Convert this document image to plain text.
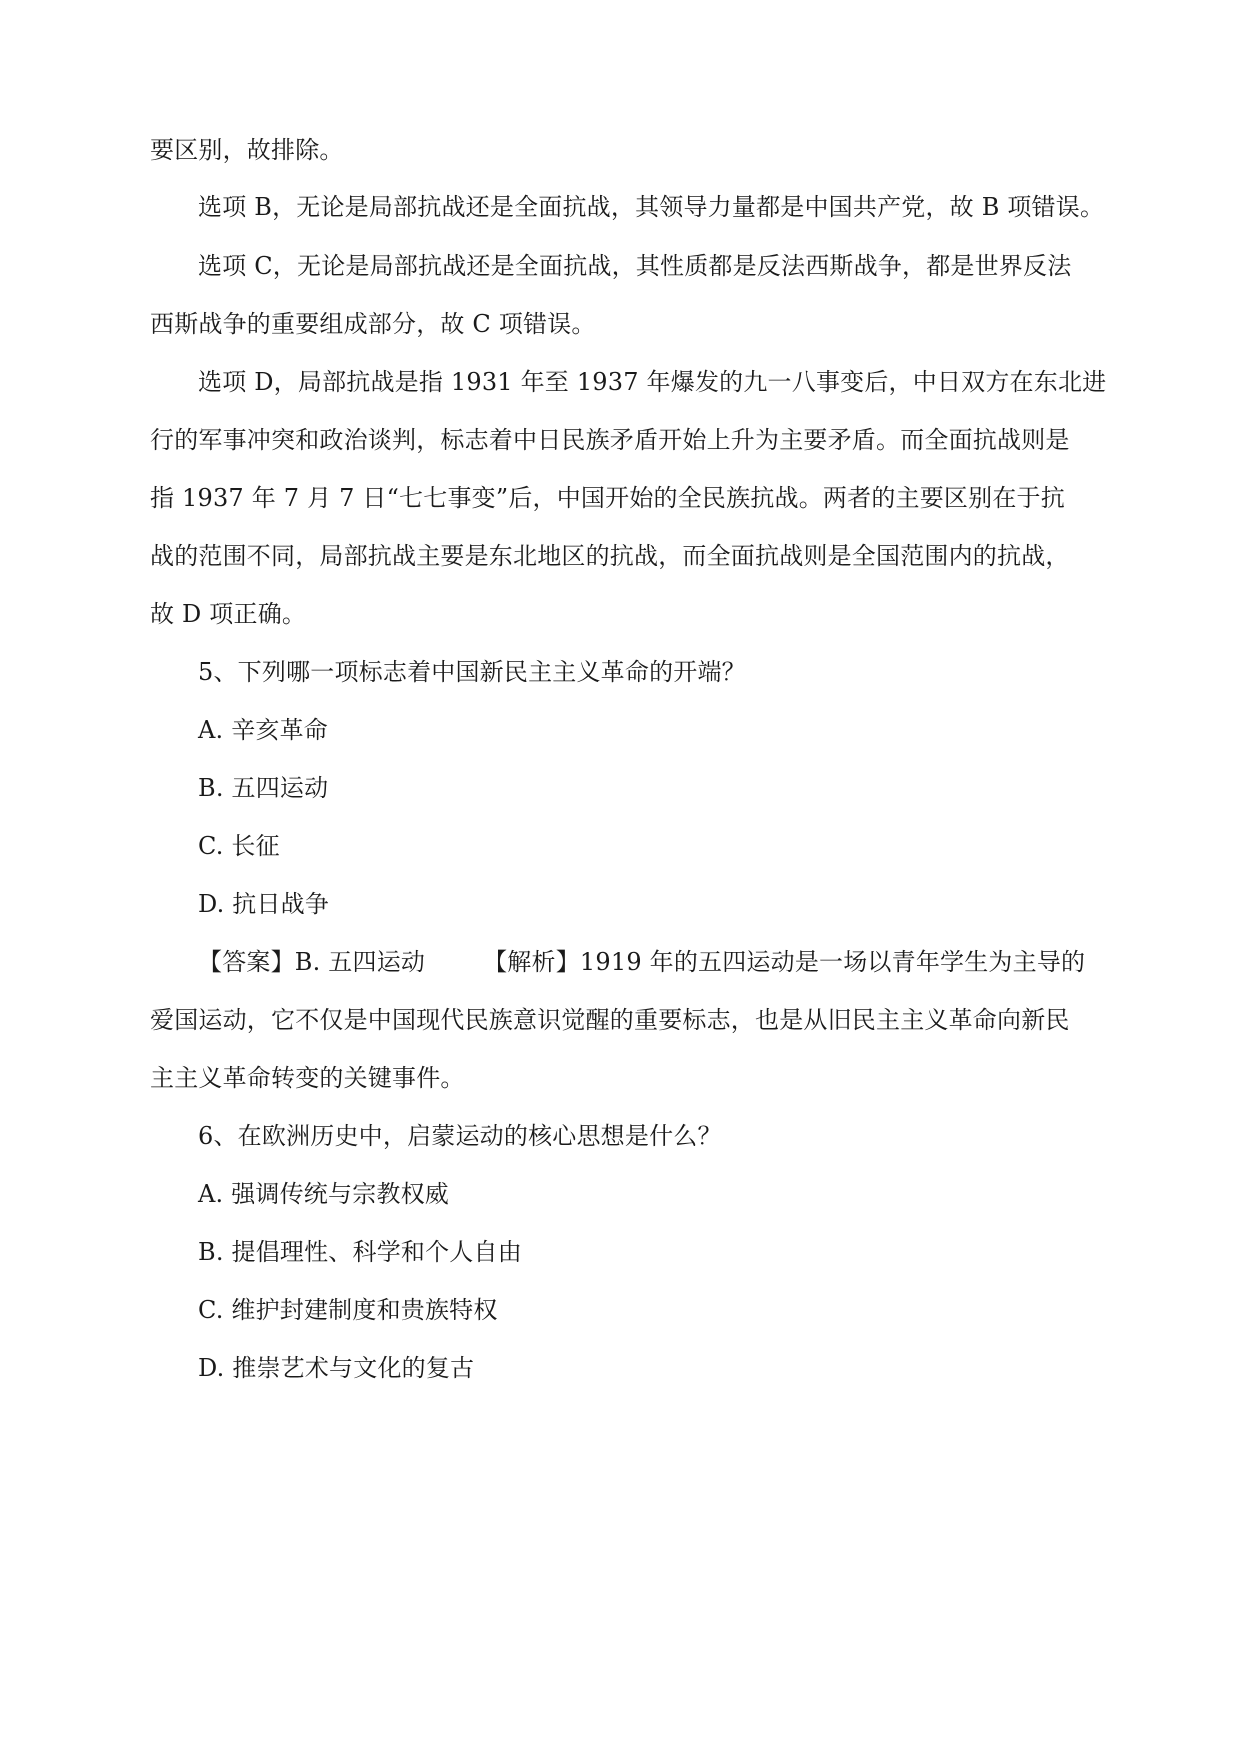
要区别，故排除。
选项 B，无论是局部抗战还是全面抗战，其领导力量都是中国共产党，故 B 项错误。
选项 C，无论是局部抗战还是全面抗战，其性质都是反法西斯战争，都是世界反法
西斯战争的重要组成部分，故 C 项错误。
选项 D，局部抗战是指 1931 年至 1937 年爆发的九一八事变后，中日双方在东北进
行的军事冲突和政治谈判，标志着中日民族矛盾开始上升为主要矛盾。而全面抗战则是
指 1937 年 7 月 7 日“七七事变”后，中国开始的全民族抗战。两者的主要区别在于抗
战的范围不同，局部抗战主要是东北地区的抗战，而全面抗战则是全国范围内的抗战，
故 D 项正确。
5、下列哪一项标志着中国新民主主义革命的开端？
A. 辛亥革命
B. 五四运动
C. 长征
D. 抗日战争
【答案】B. 五四运动 【解析】1919 年的五四运动是一场以青年学生为主导的
爱国运动，它不仅是中国现代民族意识觉醒的重要标志，也是从旧民主主义革命向新民
主主义革命转变的关键事件。
6、在欧洲历史中，启蒙运动的核心思想是什么？
A. 强调传统与宗教权威
B. 提倡理性、科学和个人自由
C. 维护封建制度和贵族特权
D. 推崇艺术与文化的复古
